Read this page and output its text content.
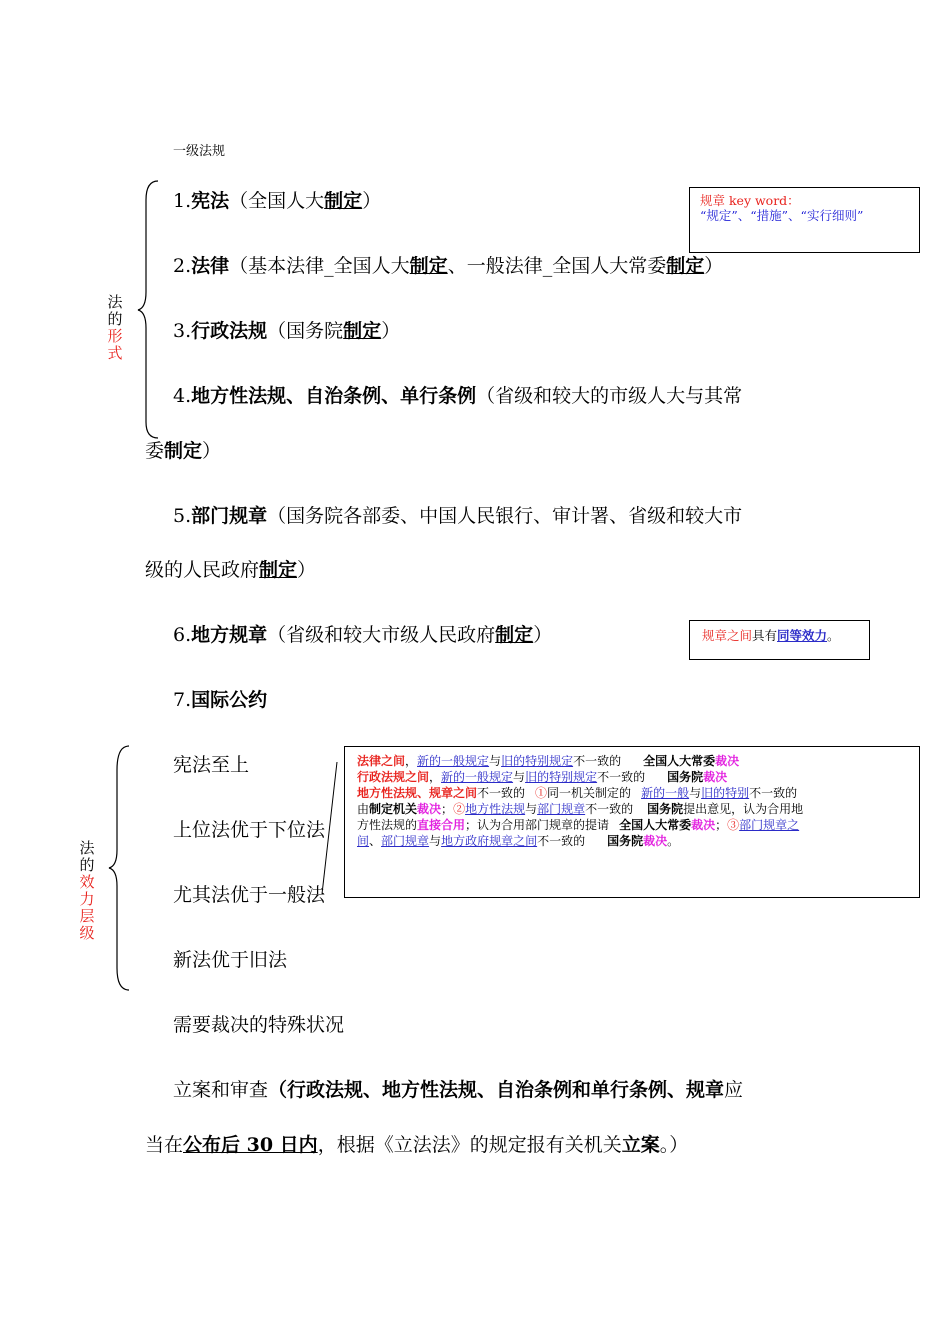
一级法规
法
的
形
式
1.宪法（全国人大制定）
2.法律（基本法律_全国人大制定、一般法律_全国人大常委制定）
3.行政法规（国务院制定）
4.地方性法规、自治条例、单行条例（省级和较大的市级人大与其常
委制定）
5.部门规章（国务院各部委、中国人民银行、审计署、省级和较大市
级的人民政府制定）
6.地方规章（省级和较大市级人民政府制定）
7.国际公约
规章 key word：
“规定”、“措施”、“实行细则”
规章之间具有同等效力。
法
的
效
力
层
级
宪法至上
上位法优于下位法
尤其法优于一般法
新法优于旧法
法律之间，新的一般规定与旧的特别规定不一致的 全国人大常委裁决
行政法规之间，新的一般规定与旧的特别规定不一致的 国务院裁决
地方性法规、规章之间不一致的 ①同一机关制定的 新的一般与旧的特别不一致的
由制定机关裁决；②地方性法规与部门规章不一致的 国务院提出意见，认为合用地
方性法规的直接合用；认为合用部门规章的提请 全国人大常委裁决；③部门规章之
间、部门规章与地方政府规章之间不一致的 国务院裁决。
需要裁决的特殊状况
立案和审查（行政法规、地方性法规、自治条例和单行条例、规章应
当在公布后 30 日内，根据《立法法》的规定报有关机关立案。）
